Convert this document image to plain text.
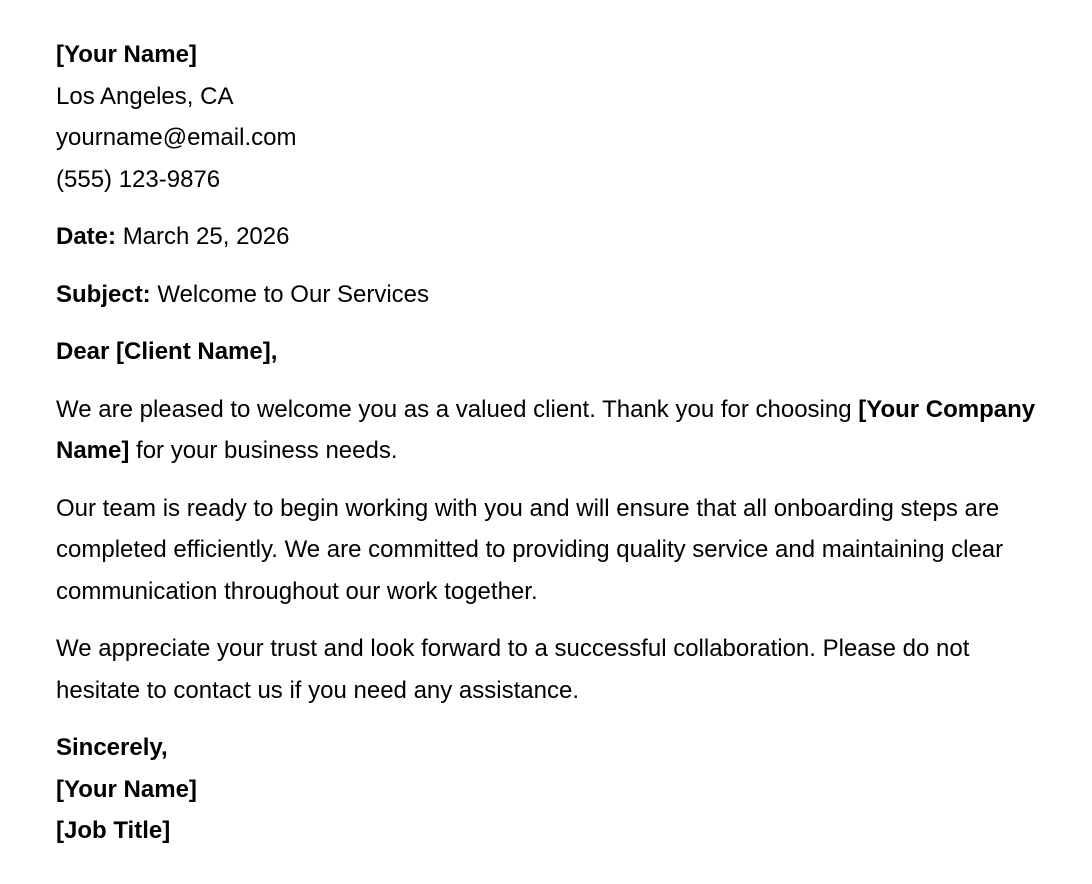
[Your Name]
Los Angeles, CA
yourname@email.com
(555) 123-9876

Date: March 25, 2026

Subject: Welcome to Our Services

Dear [Client Name],

We are pleased to welcome you as a valued client. Thank you for choosing [Your Company Name] for your business needs.

Our team is ready to begin working with you and will ensure that all onboarding steps are completed efficiently. We are committed to providing quality service and maintaining clear communication throughout our work together.

We appreciate your trust and look forward to a successful collaboration. Please do not hesitate to contact us if you need any assistance.

Sincerely,
[Your Name]
[Job Title]
